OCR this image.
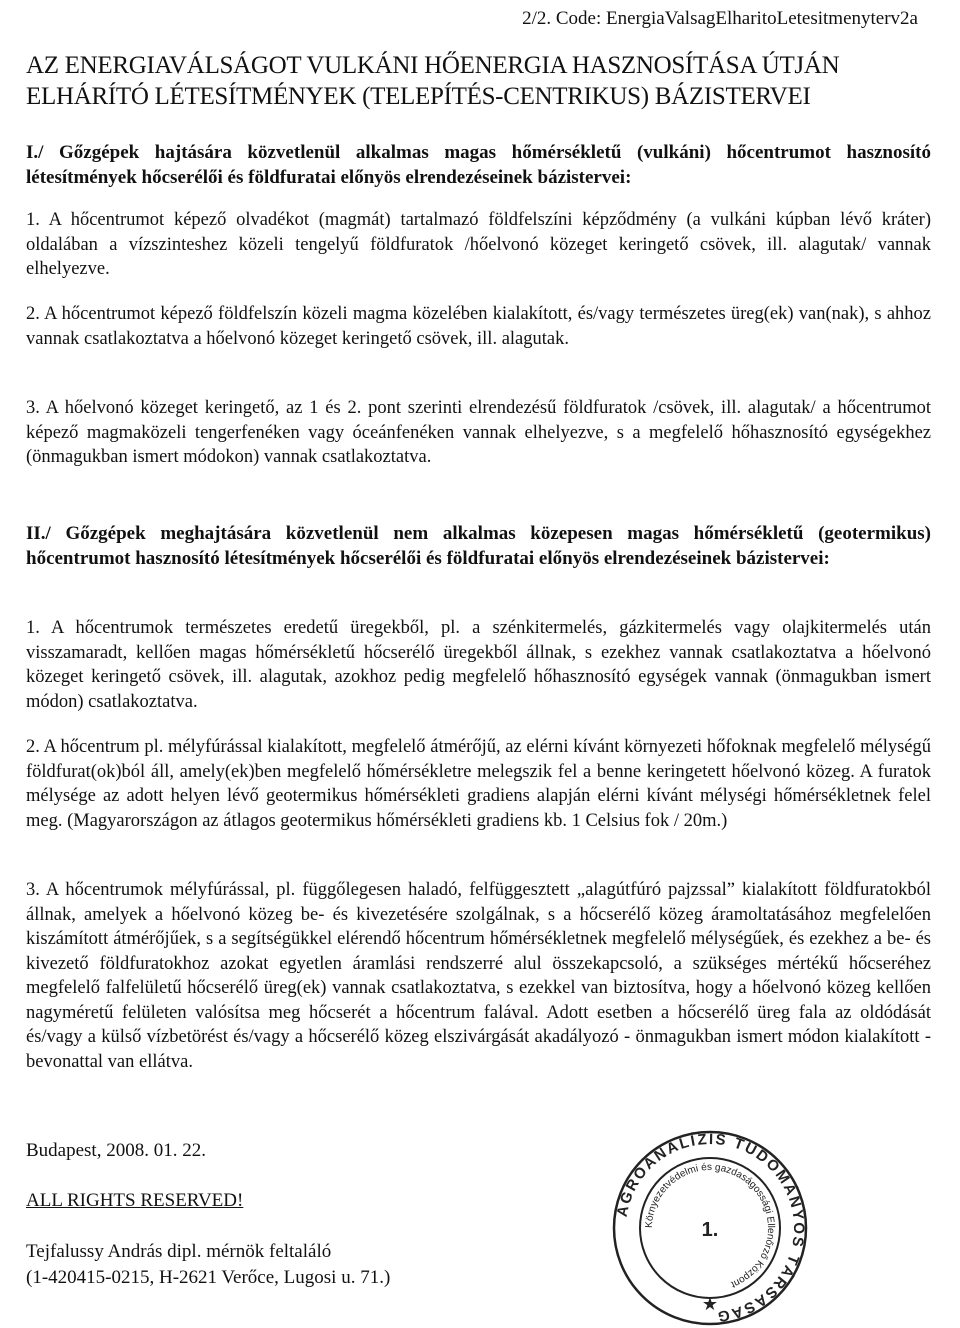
2/2. Code: EnergiaValsagElharitoLetesitmenyterv2a
AZ ENERGIAVÁLSÁGOT VULKÁNI HŐENERGIA HASZNOSÍTÁSA ÚTJÁN ELHÁRÍTÓ LÉTESÍTMÉNYEK (TELEPÍTÉS-CENTRIKUS) BÁZISTERVEI

I./ Gőzgépek hajtására közvetlenül alkalmas magas hőmérsékletű (vulkáni) hőcentrumot hasznosító létesítmények hőcserélői és földfuratai előnyös elrendezéseinek bázistervei:

1. A hőcentrumot képező olvadékot (magmát) tartalmazó földfelszíni képződmény (a vulkáni kúpban lévő kráter) oldalában a vízszinteshez közeli tengelyű földfuratok /hőelvonó közeget keringető csövek, ill. alagutak/ vannak elhelyezve.

2. A hőcentrumot képező földfelszín közeli magma közelében kialakított, és/vagy természetes üreg(ek) van(nak), s ahhoz vannak csatlakoztatva a hőelvonó közeget keringető csövek, ill. alagutak.

3. A hőelvonó közeget keringető, az 1 és 2. pont szerinti elrendezésű földfuratok /csövek, ill. alagutak/ a hőcentrumot képező magmaközeli tengerfenéken vagy óceánfenéken vannak elhelyezve, s a megfelelő hőhasznosító egységekhez (önmagukban ismert módokon) vannak csatlakoztatva.

II./ Gőzgépek meghajtására közvetlenül nem alkalmas közepesen magas hőmérsékletű (geotermikus) hőcentrumot hasznosító létesítmények hőcserélői és földfuratai előnyös elrendezéseinek bázistervei:

1. A hőcentrumok természetes eredetű üregekből, pl. a szénkitermelés, gázkitermelés vagy olajkitermelés után visszamaradt, kellően magas hőmérsékletű hőcserélő üregekből állnak, s ezekhez vannak csatlakoztatva a hőelvonó közeget keringető csövek, ill. alagutak, azokhoz pedig megfelelő hőhasznosító egységek vannak (önmagukban ismert módon) csatlakoztatva.

2. A hőcentrum pl. mélyfúrással kialakított, megfelelő átmérőjű, az elérni kívánt környezeti hőfoknak megfelelő mélységű földfurat(ok)ból áll, amely(ek)ben megfelelő hőmérsékletre melegszik fel a benne keringetett hőelvonó közeg. A furatok mélysége az adott helyen lévő geotermikus hőmérsékleti gradiens alapján elérni kívánt mélységi hőmérsékletnek felel meg. (Magyarországon az átlagos geotermikus hőmérsékleti gradiens kb. 1 Celsius fok / 20m.)

3. A hőcentrumok mélyfúrással, pl. függőlegesen haladó, felfüggesztett „alagútfúró pajzssal” kialakított földfuratokból állnak, amelyek a hőelvonó közeg be- és kivezetésére szolgálnak, s a hőcserélő közeg áramoltatásához megfelelően kiszámított átmérőjűek, s a segítségükkel elérendő hőcentrum hőmérsékletnek megfelelő mélységűek, és ezekhez a be- és kivezető földfuratokhoz azokat egyetlen áramlási rendszerré alul összekapcsoló, a szükséges mértékű hőcseréhez megfelelő falfelületű hőcserélő üreg(ek) vannak csatlakoztatva, s ezekkel van biztosítva, hogy a hőelvonó közeg kellően nagyméretű felületen valósítsa meg hőcserét a hőcentrum falával. Adott esetben a hőcserélő üreg fala az oldódását és/vagy a külső vízbetörést és/vagy a hőcserélő közeg elszivárgását akadályozó - önmagukban ismert módon kialakított - bevonattal van ellátva.

Budapest, 2008. 01. 22.
ALL RIGHTS RESERVED!
Tejfalussy András dipl. mérnök feltaláló
(1-420415-0215, H-2621 Verőce, Lugosi u. 71.)
AGROANALÍZIS TUDOMÁNYOS TÁRSASÁG
Környezetvédelmi és gazdaságossági Ellenőrző Központ
1.
★
